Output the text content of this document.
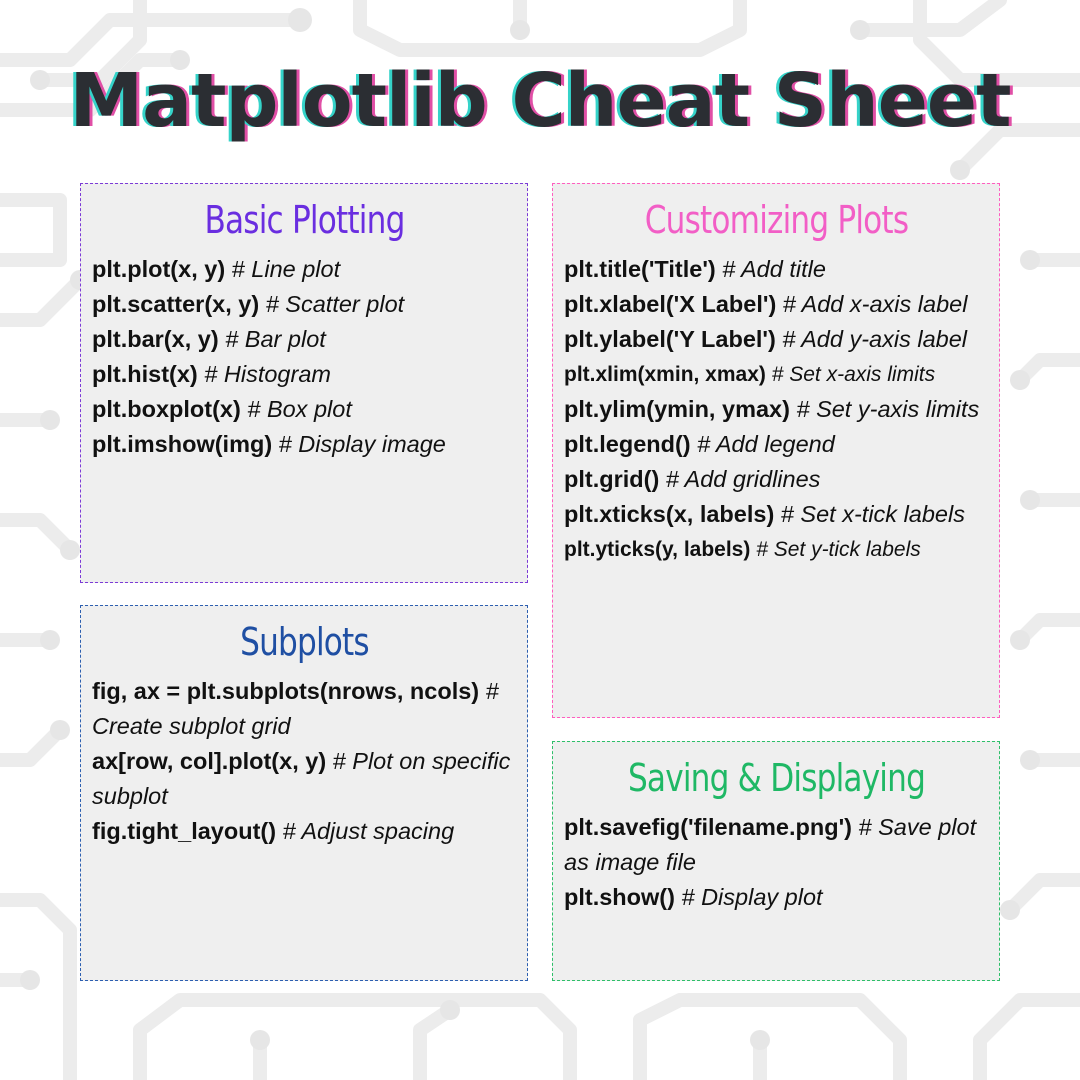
Matplotlib Cheat Sheet
Basic Plotting
plt.plot(x, y) # Line plot
plt.scatter(x, y) # Scatter plot
plt.bar(x, y) # Bar plot
plt.hist(x) # Histogram
plt.boxplot(x) # Box plot
plt.imshow(img) # Display image
Subplots
fig, ax = plt.subplots(nrows, ncols) # Create subplot grid
ax[row, col].plot(x, y) # Plot on specific subplot
fig.tight_layout() # Adjust spacing
Customizing Plots
plt.title('Title') # Add title
plt.xlabel('X Label') # Add x-axis label
plt.ylabel('Y Label') # Add y-axis label
plt.xlim(xmin, xmax) # Set x-axis limits
plt.ylim(ymin, ymax) # Set y-axis limits
plt.legend() # Add legend
plt.grid() # Add gridlines
plt.xticks(x, labels) # Set x-tick labels
plt.yticks(y, labels) # Set y-tick labels
Saving & Displaying
plt.savefig('filename.png') # Save plot as image file
plt.show() # Display plot
